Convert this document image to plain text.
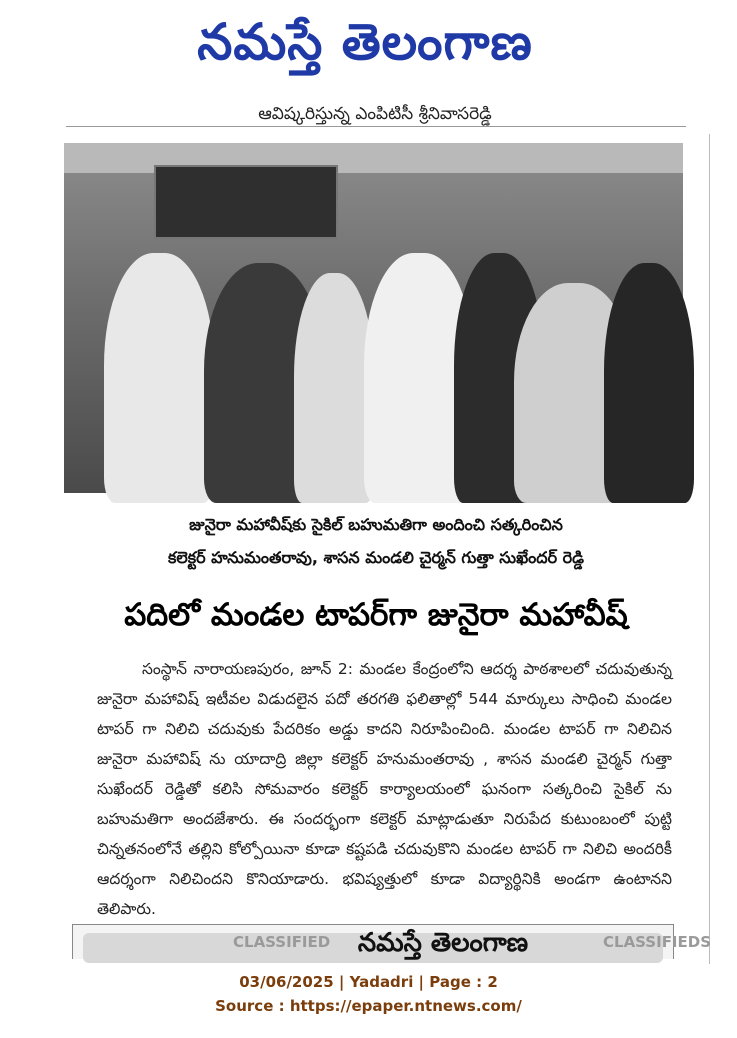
నమస్తే తెలంగాణ
ఆవిష్కరిస్తున్న ఎంపిటిసీ శ్రీనివాసరెడ్డి
జునైరా మహావీష్‌కు సైకిల్ బహుమతిగా అందించి సత్కరించిన
కలెక్టర్ హనుమంతరావు, శాసన మండలి చైర్మన్ గుత్తా సుఖేందర్ రెడ్డి
పదిలో మండల టాపర్‌గా జునైరా మహావీష్
సంస్థాన్ నారాయణపురం, జూన్ 2: మండల కేంద్రంలోని ఆదర్శ పాఠశాలలో చదువుతున్న జునైరా మహావిష్ ఇటీవల విడుదలైన పదో తరగతి ఫలితాల్లో 544 మార్కులు సాధించి మండల టాపర్ గా నిలిచి చదువుకు పేదరికం అడ్డు కాదని నిరూపించింది. మండల టాపర్ గా నిలిచిన జునైరా మహావిష్ ను యాదాద్రి జిల్లా కలెక్టర్ హనుమంతరావు , శాసన మండలి చైర్మన్ గుత్తా సుఖేందర్ రెడ్డితో కలిసి సోమవారం కలెక్టర్ కార్యాలయంలో ఘనంగా సత్కరించి సైకిల్ ను బహుమతిగా అందజేశారు. ఈ సందర్భంగా కలెక్టర్ మాట్లాడుతూ నిరుపేద కుటుంబంలో పుట్టి చిన్నతనంలోనే తల్లిని కోల్పోయినా కూడా కష్టపడి చదువుకొని మండల టాపర్ గా నిలిచి అందరికీ ఆదర్శంగా నిలిచిందని కొనియాడారు. భవిష్యత్తులో కూడా విద్యార్థినికి అండగా ఉంటానని తెలిపారు.
CLASSIFIED	నమస్తే తెలంగాణ	CLASSIFIEDS
03/06/2025 | Yadadri | Page : 2
Source : https://epaper.ntnews.com/
